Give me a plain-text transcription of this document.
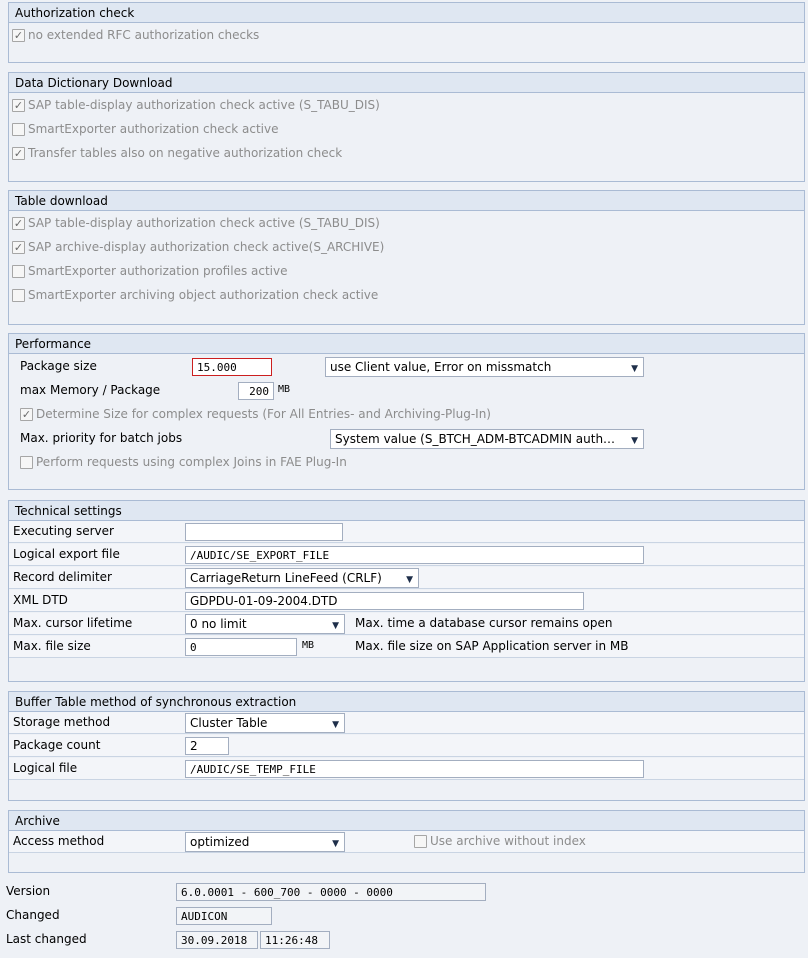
Authorization check
✓ no extended RFC authorization checks
Data Dictionary Download
✓ SAP table-display authorization check active (S_TABU_DIS)
SmartExporter authorization check active
✓ Transfer tables also on negative authorization check
Table download
✓ SAP table-display authorization check active (S_TABU_DIS)
✓ SAP archive-display authorization check active(S_ARCHIVE)
SmartExporter authorization profiles active
SmartExporter archiving object authorization check active
Performance
Package size	15.000	use Client value, Error on missmatch	▼
max Memory / Package	200 MB
✓ Determine Size for complex requests (For All Entries- and Archiving-Plug-In)
Max. priority for batch jobs	System value (S_BTCH_ADM-BTCADMIN auth… ▼
Perform requests using complex Joins in FAE Plug-In
Technical settings
Executing server
Logical export file	/AUDIC/SE_EXPORT_FILE
Record delimiter	CarriageReturn LineFeed (CRLF)	▼
XML DTD	GDPDU-01-09-2004.DTD
Max. cursor lifetime	0 no limit	▼ Max. time a database cursor remains open
Max. file size	0	MB	Max. file size on SAP Application server in MB
Buffer Table method of synchronous extraction
Storage method	Cluster Table	▼
Package count	2
Logical file	/AUDIC/SE_TEMP_FILE
Archive
Access method	optimized	▼	Use archive without index
Version	6.0.0001 - 600_700 - 0000 - 0000
Changed	AUDICON
Last changed	30.09.2018	11:26:48
